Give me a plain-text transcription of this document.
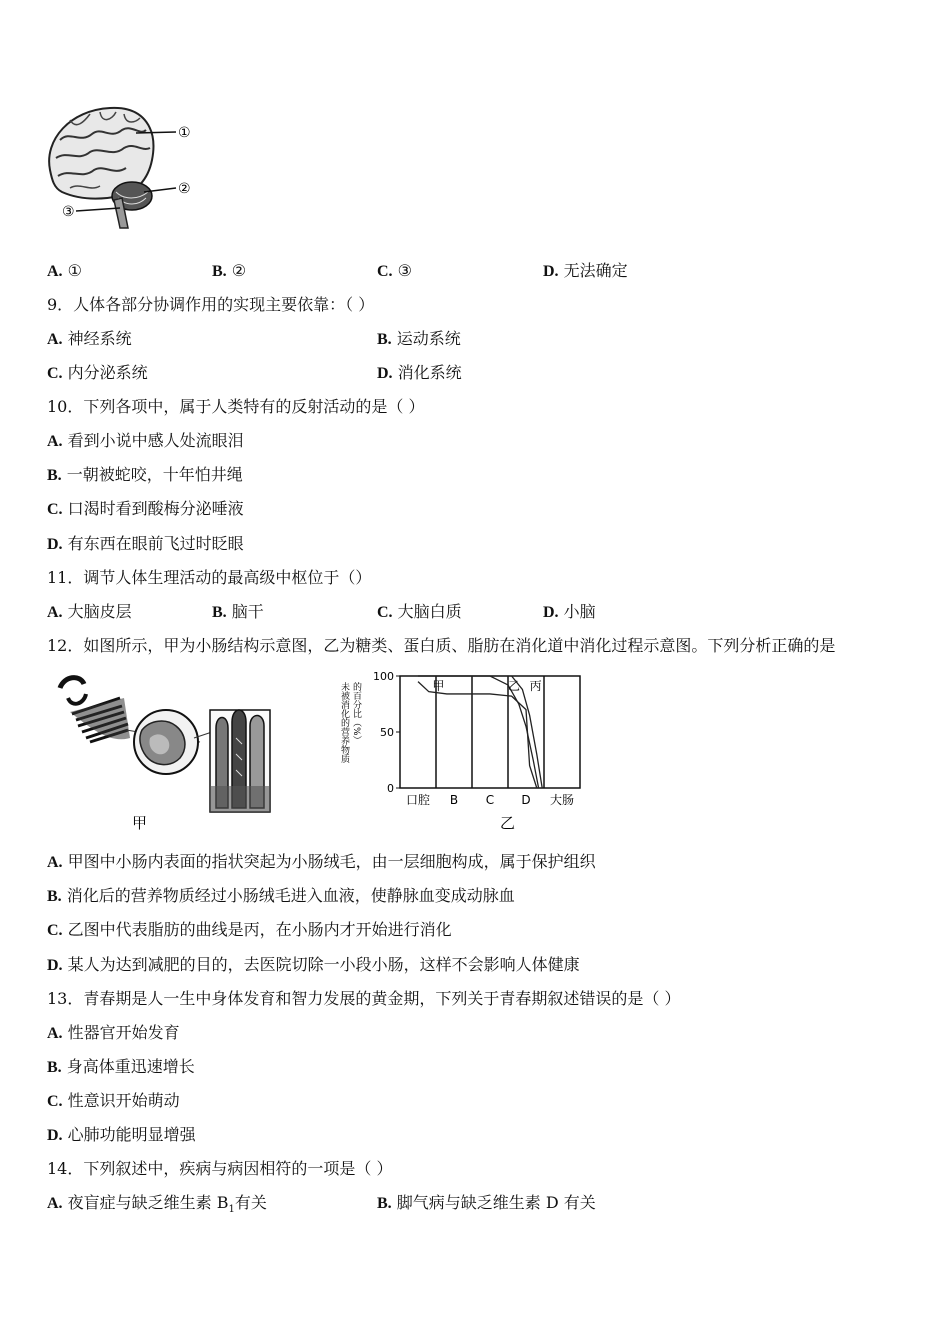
①
②
③
A. ①	B. ②	C. ③	D. 无法确定
9．人体各部分协调作用的实现主要依靠：（ ）
A. 神经系统	B. 运动系统
C. 内分泌系统	D. 消化系统
10．下列各项中，属于人类特有的反射活动的是（ ）
A. 看到小说中感人处流眼泪
B. 一朝被蛇咬，十年怕井绳
C. 口渴时看到酸梅分泌唾液
D. 有东西在眼前飞过时眨眼
11．调节人体生理活动的最高级中枢位于（）
A. 大脑皮层	B. 脑干	C. 大脑白质	D. 小脑
12．如图所示，甲为小肠结构示意图，乙为糖类、蛋白质、脂肪在消化道中消化过程示意图。下列分析正确的是
甲
未被消化的营养物质 的百分比（%）
100
50
0
口腔 B C D 大肠
甲	乙 丙
乙
A. 甲图中小肠内表面的指状突起为小肠绒毛，由一层细胞构成，属于保护组织
B. 消化后的营养物质经过小肠绒毛进入血液，使静脉血变成动脉血
C. 乙图中代表脂肪的曲线是丙，在小肠内才开始进行消化
D. 某人为达到减肥的目的，去医院切除一小段小肠，这样不会影响人体健康
13．青春期是人一生中身体发育和智力发展的黄金期，下列关于青春期叙述错误的是（ ）
A. 性器官开始发育
B. 身高体重迅速增长
C. 性意识开始萌动
D. 心肺功能明显增强
14．下列叙述中，疾病与病因相符的一项是（ ）
A. 夜盲症与缺乏维生素 $B_1$有关	B. 脚气病与缺乏维生素 D 有关
